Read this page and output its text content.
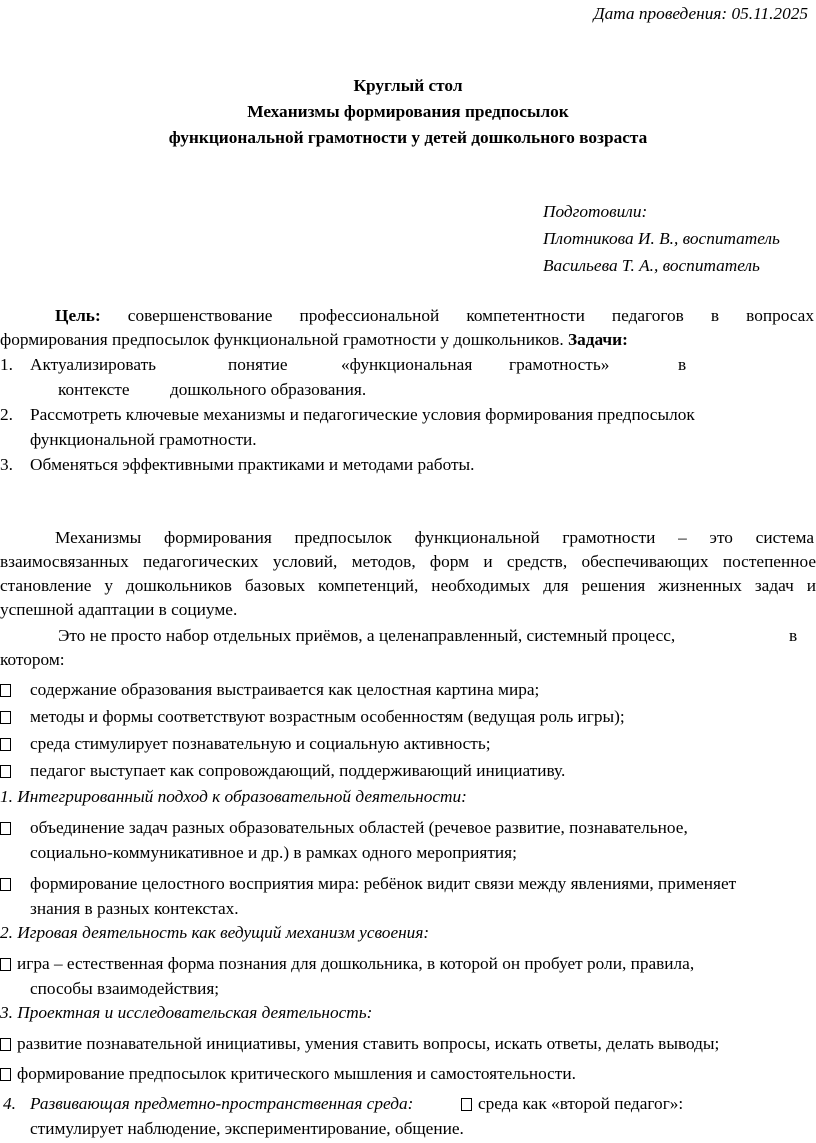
Дата проведения: 05.11.2025
Круглый стол
Механизмы формирования предпосылок
функциональной грамотности у детей дошкольного возраста
Подготовили:
Плотникова И. В., воспитатель
Васильева Т. А., воспитатель
Цель: совершенствование профессиональной компетентности педагогов в вопросах
формирования предпосылок функциональной грамотности у дошкольников. Задачи:
1. Актуализировать	понятие	«функциональная грамотность»	в
контексте дошкольного образования.
2. Рассмотреть ключевые механизмы и педагогические условия формирования предпосылок
функциональной грамотности.
3. Обменяться эффективными практиками и методами работы.
Механизмы формирования предпосылок функциональной грамотности – это система
взаимосвязанных педагогических условий, методов, форм и средств, обеспечивающих постепенное
становление у дошкольников базовых компетенций, необходимых для решения жизненных задач и
успешной адаптации в социуме.
Это не просто набор отдельных приёмов, а целенаправленный, системный процесс,	в
котором:
содержание образования выстраивается как целостная картина мира;
методы и формы соответствуют возрастным особенностям (ведущая роль игры);
среда стимулирует познавательную и социальную активность;
педагог выступает как сопровождающий, поддерживающий инициативу.
1. Интегрированный подход к образовательной деятельности:
объединение задач разных образовательных областей (речевое развитие, познавательное,
социально-коммуникативное и др.) в рамках одного мероприятия;
формирование целостного восприятия мира: ребёнок видит связи между явлениями, применяет
знания в разных контекстах.
2. Игровая деятельность как ведущий механизм усвоения:
игра – естественная форма познания для дошкольника, в которой он пробует роли, правила,
способы взаимодействия;
3. Проектная и исследовательская деятельность:
развитие познавательной инициативы, умения ставить вопросы, искать ответы, делать выводы;
формирование предпосылок критического мышления и самостоятельности.
4. Развивающая предметно-пространственная среда:	среда как «второй педагог»:
стимулирует наблюдение, экспериментирование, общение.
